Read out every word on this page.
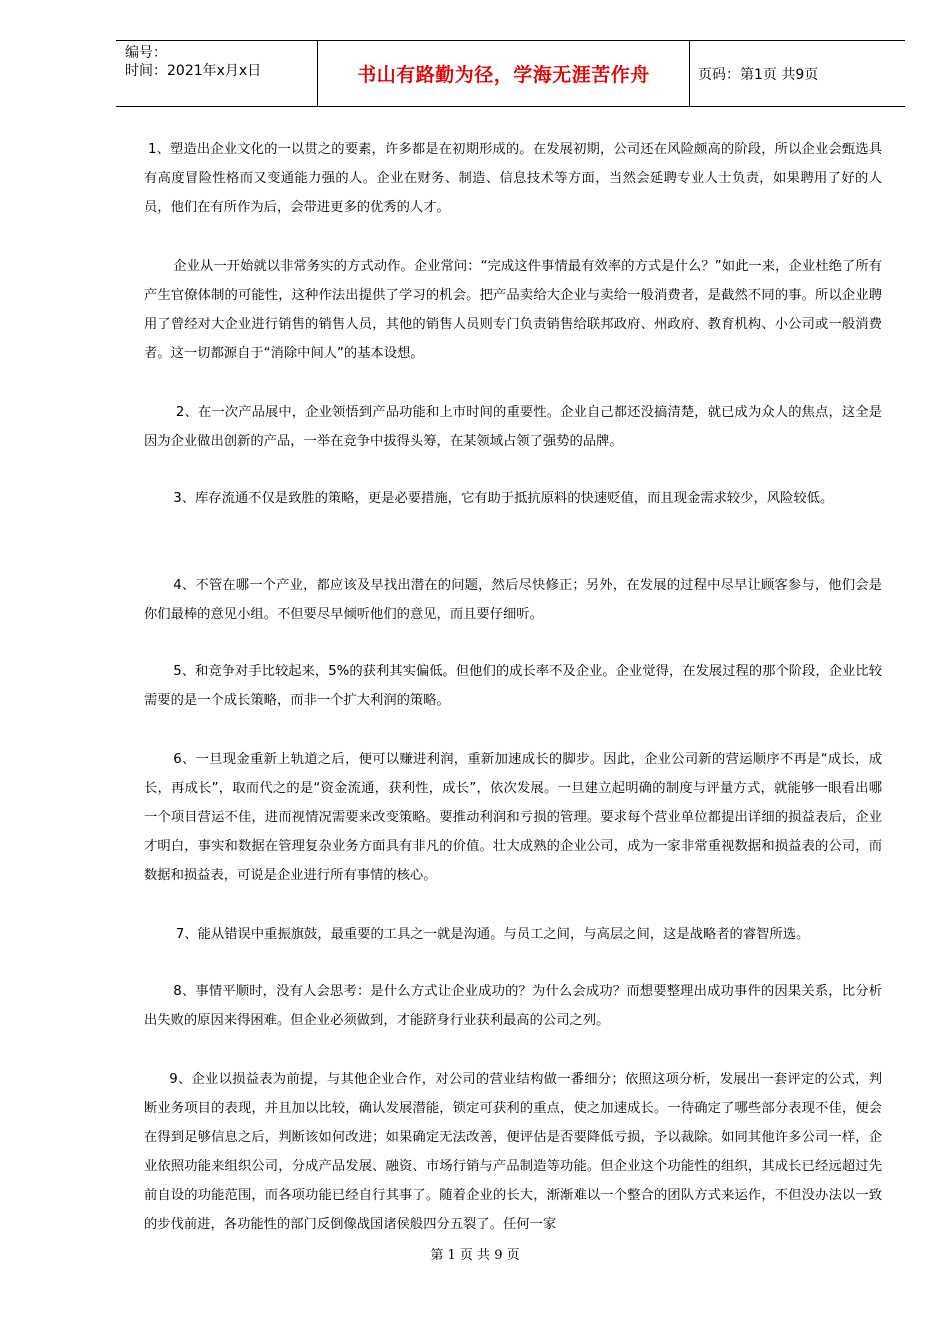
编号：
时间：2021年x月x日	书山有路勤为径，学海无涯苦作舟	页码：第1页 共9页

1、塑造出企业文化的一以贯之的要素，许多都是在初期形成的。在发展初期，公司还在风险颇高的阶段，所以企业会甄选具有高度冒险性格而又变通能力强的人。企业在财务、制造、信息技术等方面，当然会延聘专业人士负责，如果聘用了好的人员，他们在有所作为后，会带进更多的优秀的人才。

企业从一开始就以非常务实的方式动作。企业常问：“完成这件事情最有效率的方式是什么？”如此一来，企业杜绝了所有产生官僚体制的可能性，这种作法出提供了学习的机会。把产品卖给大企业与卖给一般消费者，是截然不同的事。所以企业聘用了曾经对大企业进行销售的销售人员，其他的销售人员则专门负责销售给联邦政府、州政府、教育机构、小公司或一般消费者。这一切都源自于“消除中间人”的基本设想。

2、在一次产品展中，企业领悟到产品功能和上市时间的重要性。企业自己都还没搞清楚，就已成为众人的焦点，这全是因为企业做出创新的产品，一举在竞争中拔得头筹，在某领域占领了强势的品牌。

3、库存流通不仅是致胜的策略，更是必要措施，它有助于抵抗原料的快速贬值，而且现金需求较少，风险较低。

4、不管在哪一个产业，都应该及早找出潜在的问题，然后尽快修正；另外，在发展的过程中尽早让顾客参与，他们会是你们最棒的意见小组。不但要尽早倾听他们的意见，而且要仔细听。

5、和竞争对手比较起来，5%的获利其实偏低。但他们的成长率不及企业。企业觉得，在发展过程的那个阶段，企业比较需要的是一个成长策略，而非一个扩大利润的策略。

6、一旦现金重新上轨道之后，便可以赚进利润，重新加速成长的脚步。因此，企业公司新的营运顺序不再是“成长，成长，再成长”，取而代之的是“资金流通，获利性，成长”，依次发展。一旦建立起明确的制度与评量方式，就能够一眼看出哪一个项目营运不佳，进而视情况需要来改变策略。要推动利润和亏损的管理。要求每个营业单位都提出详细的损益表后，企业才明白，事实和数据在管理复杂业务方面具有非凡的价值。壮大成熟的企业公司，成为一家非常重视数据和损益表的公司，而数据和损益表，可说是企业进行所有事情的核心。

7、能从错误中重振旗鼓，最重要的工具之一就是沟通。与员工之间，与高层之间，这是战略者的睿智所选。

8、事情平顺时，没有人会思考：是什么方式让企业成功的？为什么会成功？而想要整理出成功事件的因果关系，比分析出失败的原因来得困难。但企业必须做到，才能跻身行业获利最高的公司之列。

9、企业以损益表为前提，与其他企业合作，对公司的营业结构做一番细分；依照这项分析，发展出一套评定的公式，判断业务项目的表现，并且加以比较，确认发展潜能，锁定可获利的重点，使之加速成长。一待确定了哪些部分表现不佳，便会在得到足够信息之后，判断该如何改进；如果确定无法改善，便评估是否要降低亏损，予以裁除。如同其他许多公司一样，企业依照功能来组织公司，分成产品发展、融资、市场行销与产品制造等功能。但企业这个功能性的组织，其成长已经远超过先前自设的功能范围，而各项功能已经自行其事了。随着企业的长大，渐渐难以一个整合的团队方式来运作，不但没办法以一致的步伐前进，各功能性的部门反倒像战国诸侯般四分五裂了。任何一家

第 1 页 共 9 页
